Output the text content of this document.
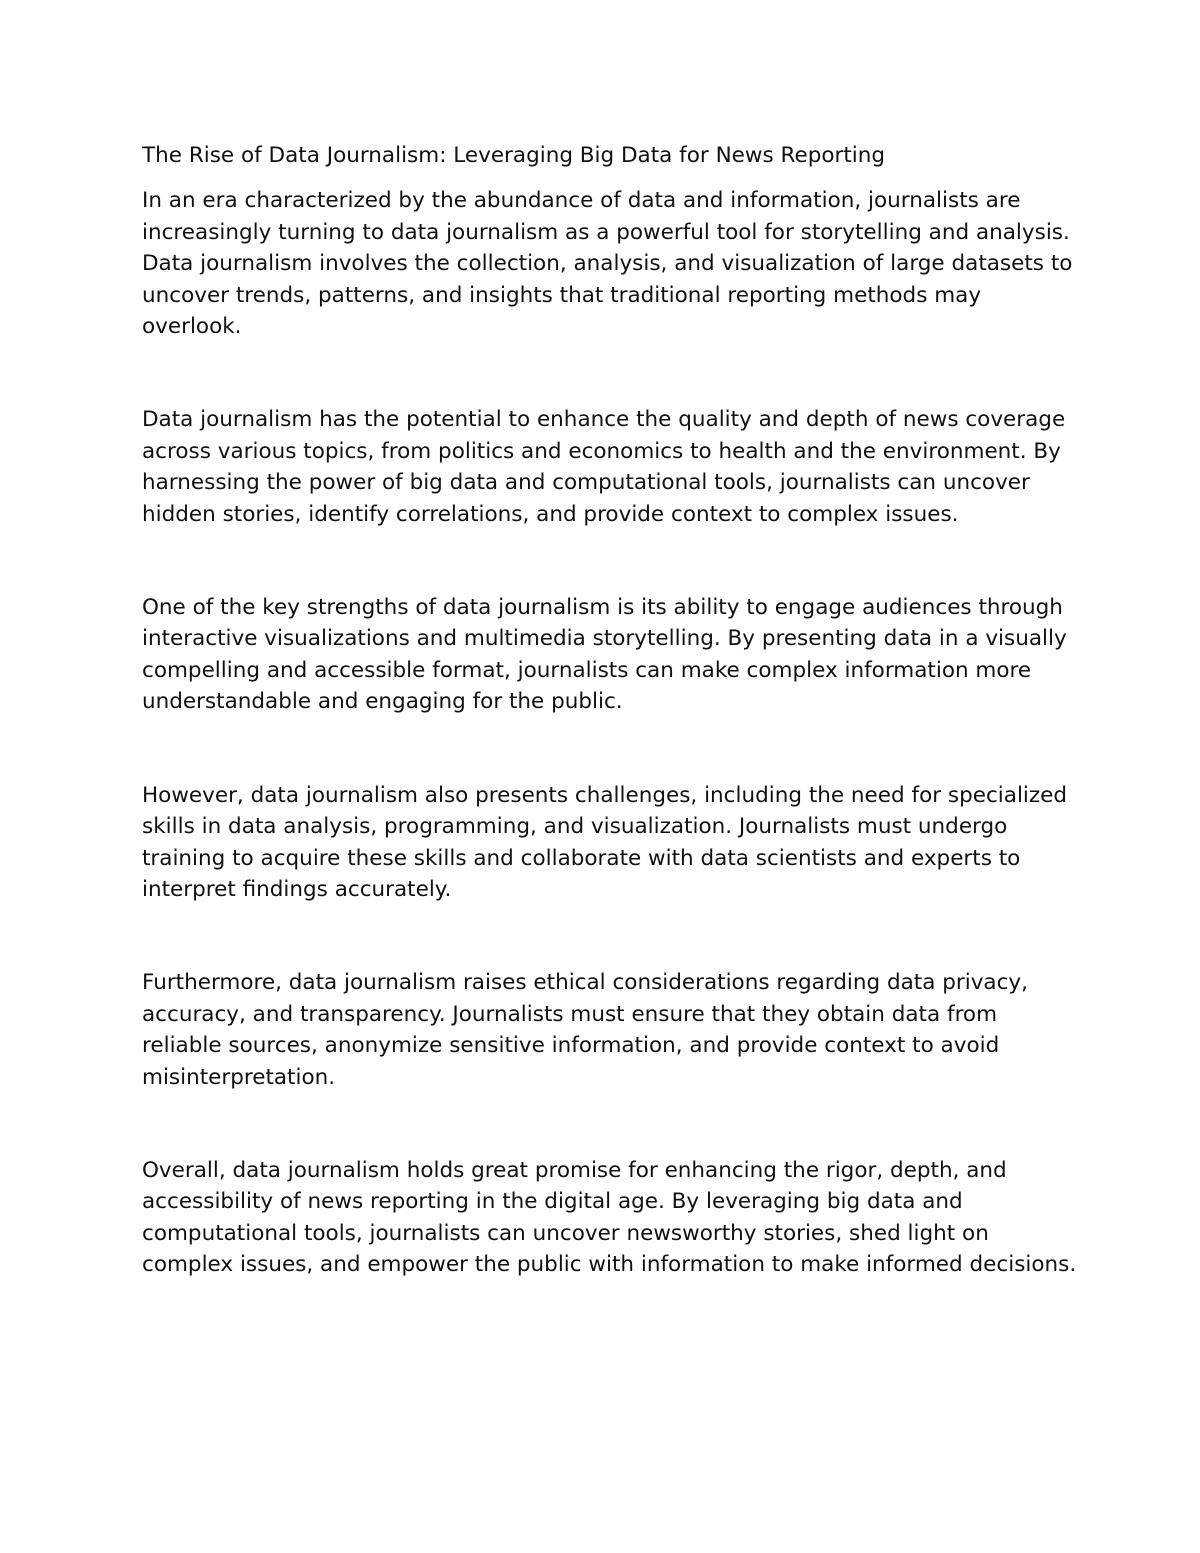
The Rise of Data Journalism: Leveraging Big Data for News Reporting

In an era characterized by the abundance of data and information, journalists are increasingly turning to data journalism as a powerful tool for storytelling and analysis. Data journalism involves the collection, analysis, and visualization of large datasets to uncover trends, patterns, and insights that traditional reporting methods may overlook.

Data journalism has the potential to enhance the quality and depth of news coverage across various topics, from politics and economics to health and the environment. By harnessing the power of big data and computational tools, journalists can uncover hidden stories, identify correlations, and provide context to complex issues.

One of the key strengths of data journalism is its ability to engage audiences through interactive visualizations and multimedia storytelling. By presenting data in a visually compelling and accessible format, journalists can make complex information more understandable and engaging for the public.

However, data journalism also presents challenges, including the need for specialized skills in data analysis, programming, and visualization. Journalists must undergo training to acquire these skills and collaborate with data scientists and experts to interpret findings accurately.

Furthermore, data journalism raises ethical considerations regarding data privacy, accuracy, and transparency. Journalists must ensure that they obtain data from reliable sources, anonymize sensitive information, and provide context to avoid misinterpretation.

Overall, data journalism holds great promise for enhancing the rigor, depth, and accessibility of news reporting in the digital age. By leveraging big data and computational tools, journalists can uncover newsworthy stories, shed light on complex issues, and empower the public with information to make informed decisions.
